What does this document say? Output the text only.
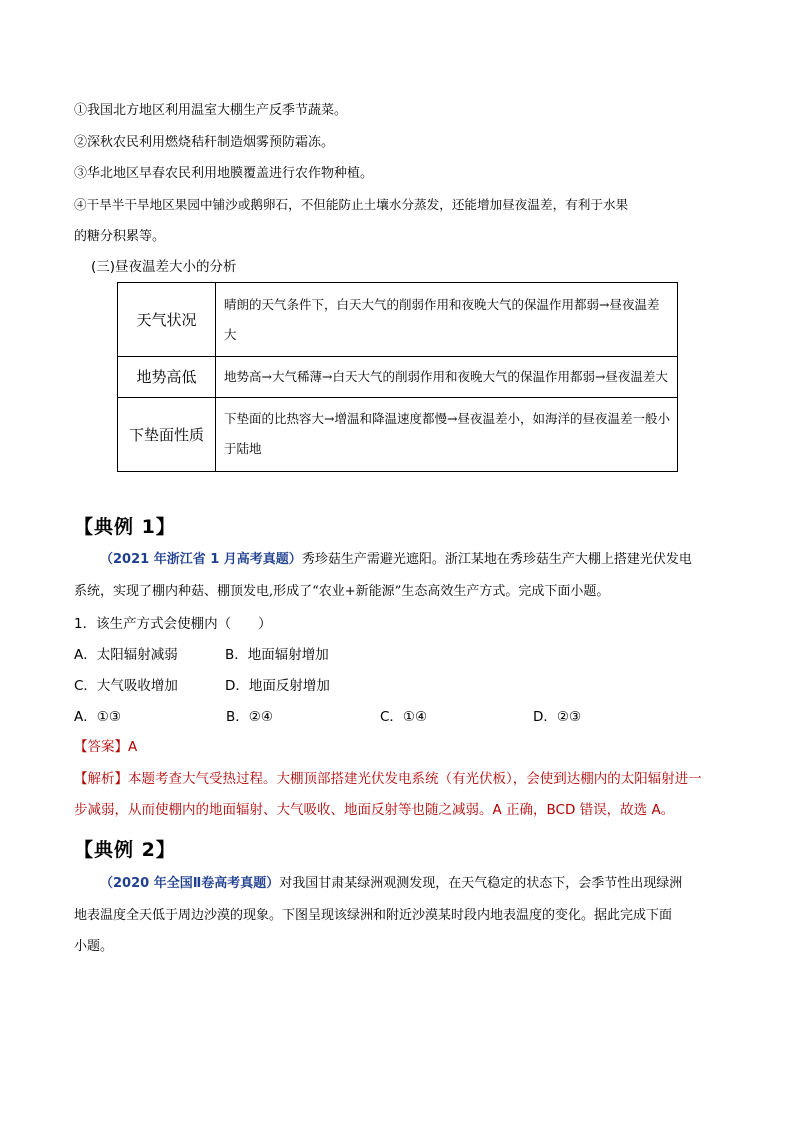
①我国北方地区利用温室大棚生产反季节蔬菜。
②深秋农民利用燃烧秸秆制造烟雾预防霜冻。
③华北地区早春农民利用地膜覆盖进行农作物种植。
④干旱半干旱地区果园中铺沙或鹅卵石，不但能防止土壤水分蒸发，还能增加昼夜温差，有利于水果
的糖分积累等。
(三)昼夜温差大小的分析
天气状况	晴朗的天气条件下，白天大气的削弱作用和夜晚大气的保温作用都弱→昼夜温差大
地势高低	地势高→大气稀薄→白天大气的削弱作用和夜晚大气的保温作用都弱→昼夜温差大
下垫面性质	下垫面的比热容大→增温和降温速度都慢→昼夜温差小，如海洋的昼夜温差一般小于陆地
【典例 1】
（2021 年浙江省 1 月高考真题）秀珍菇生产需避光遮阳。浙江某地在秀珍菇生产大棚上搭建光伏发电
系统，实现了棚内种菇、棚顶发电,形成了“农业+新能源”生态高效生产方式。完成下面小题。
1．该生产方式会使棚内（　　）
A．太阳辐射减弱	B．地面辐射增加
C．大气吸收增加	D．地面反射增加
A．①③	B．②④	C．①④	D．②③
【答案】A
【解析】本题考查大气受热过程。大棚顶部搭建光伏发电系统（有光伏板），会使到达棚内的太阳辐射进一
步减弱，从而使棚内的地面辐射、大气吸收、地面反射等也随之减弱。A 正确，BCD 错误，故选 A。
【典例 2】
（2020 年全国Ⅱ卷高考真题）对我国甘肃某绿洲观测发现，在天气稳定的状态下，会季节性出现绿洲
地表温度全天低于周边沙漠的现象。下图呈现该绿洲和附近沙漠某时段内地表温度的变化。据此完成下面
小题。
